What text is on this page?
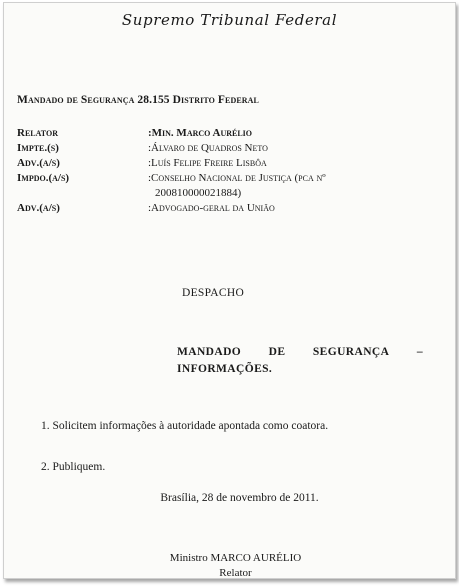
Supremo Tribunal Federal
Mandado de Segurança 28.155 Distrito Federal
Relator	:Min. Marco Aurélio
Impte.(s)	:Álvaro de Quadros Neto
Adv.(a/s)	:Luís Felipe Freire Lisbôa
Impdo.(a/s)	:Conselho Nacional de Justiça (pca nº
200810000021884)
Adv.(a/s)	:Advogado-geral da União
DESPACHO
MANDADO DE SEGURANÇA –
INFORMAÇÕES.
1. Solicitem informações à autoridade apontada como coatora.
2. Publiquem.
Brasília, 28 de novembro de 2011.
Ministro MARCO AURÉLIO
Relator
